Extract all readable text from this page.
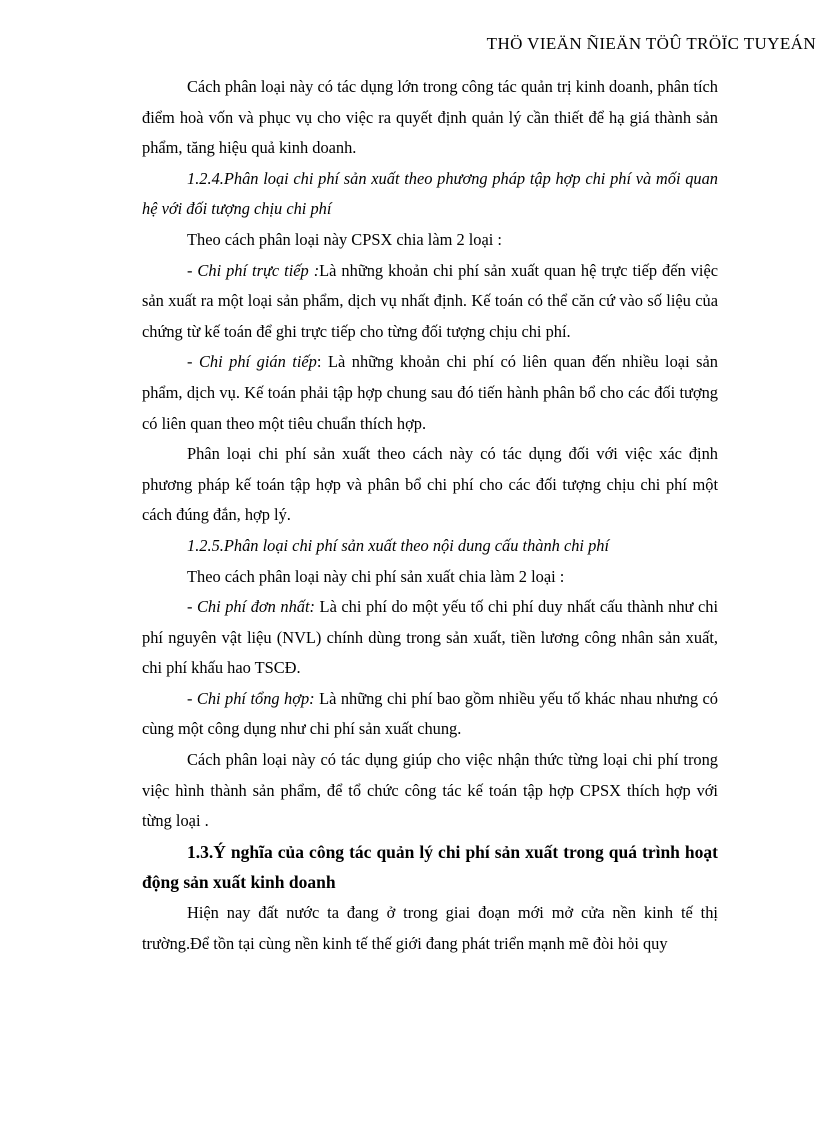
THÖ VIEÄN ÑIEÄN TÖÛ TRÖÏC TUYEÁN

Cách phân loại này có tác dụng lớn trong công tác quản trị kinh doanh, phân tích điểm hoà vốn và phục vụ cho việc ra quyết định quản lý cần thiết để hạ giá thành sản phẩm, tăng hiệu quả kinh doanh.

1.2.4.Phân loại chi phí sản xuất theo phương pháp tập hợp chi phí và mối quan hệ với đối tượng chịu chi phí

Theo cách phân loại này CPSX chia làm 2 loại :

- Chi phí trực tiếp :Là những khoản chi phí sản xuất quan hệ trực tiếp đến việc sản xuất ra một loại sản phẩm, dịch vụ nhất định. Kế toán có thể căn cứ vào số liệu của chứng từ kế toán để ghi trực tiếp cho từng đối tượng chịu chi phí.

- Chi phí gián tiếp: Là những khoản chi phí có liên quan đến nhiều loại sản phẩm, dịch vụ. Kế toán phải tập hợp chung sau đó tiến hành phân bổ cho các đối tượng có liên quan theo một tiêu chuẩn thích hợp.

Phân loại chi phí sản xuất theo cách này có tác dụng đối với việc xác định phương pháp kế toán tập hợp và phân bổ chi phí cho các đối tượng chịu chi phí một cách đúng đắn, hợp lý.

1.2.5.Phân loại chi phí sản xuất theo nội dung cấu thành chi phí

Theo cách phân loại này chi phí sản xuất chia làm 2 loại :

- Chi phí đơn nhất: Là chi phí do một yếu tố chi phí duy nhất cấu thành như chi phí nguyên vật liệu (NVL) chính dùng trong sản xuất, tiền lương công nhân sản xuất, chi phí khấu hao TSCĐ.

- Chi phí tổng hợp: Là những chi phí bao gồm nhiều yếu tố khác nhau nhưng có cùng một công dụng như chi phí sản xuất chung.

Cách phân loại này có tác dụng giúp cho việc nhận thức từng loại chi phí trong việc hình thành sản phẩm, để tổ chức công tác kế toán tập hợp CPSX thích hợp với từng loại .

1.3.Ý nghĩa của công tác quản lý chi phí sản xuất trong quá trình hoạt động sản xuất kinh doanh

Hiện nay đất nước ta đang ở trong giai đoạn mới mở cửa nền kinh tế thị trường.Để tồn tại cùng nền kinh tế thế giới đang phát triển mạnh mẽ đòi hỏi quy
